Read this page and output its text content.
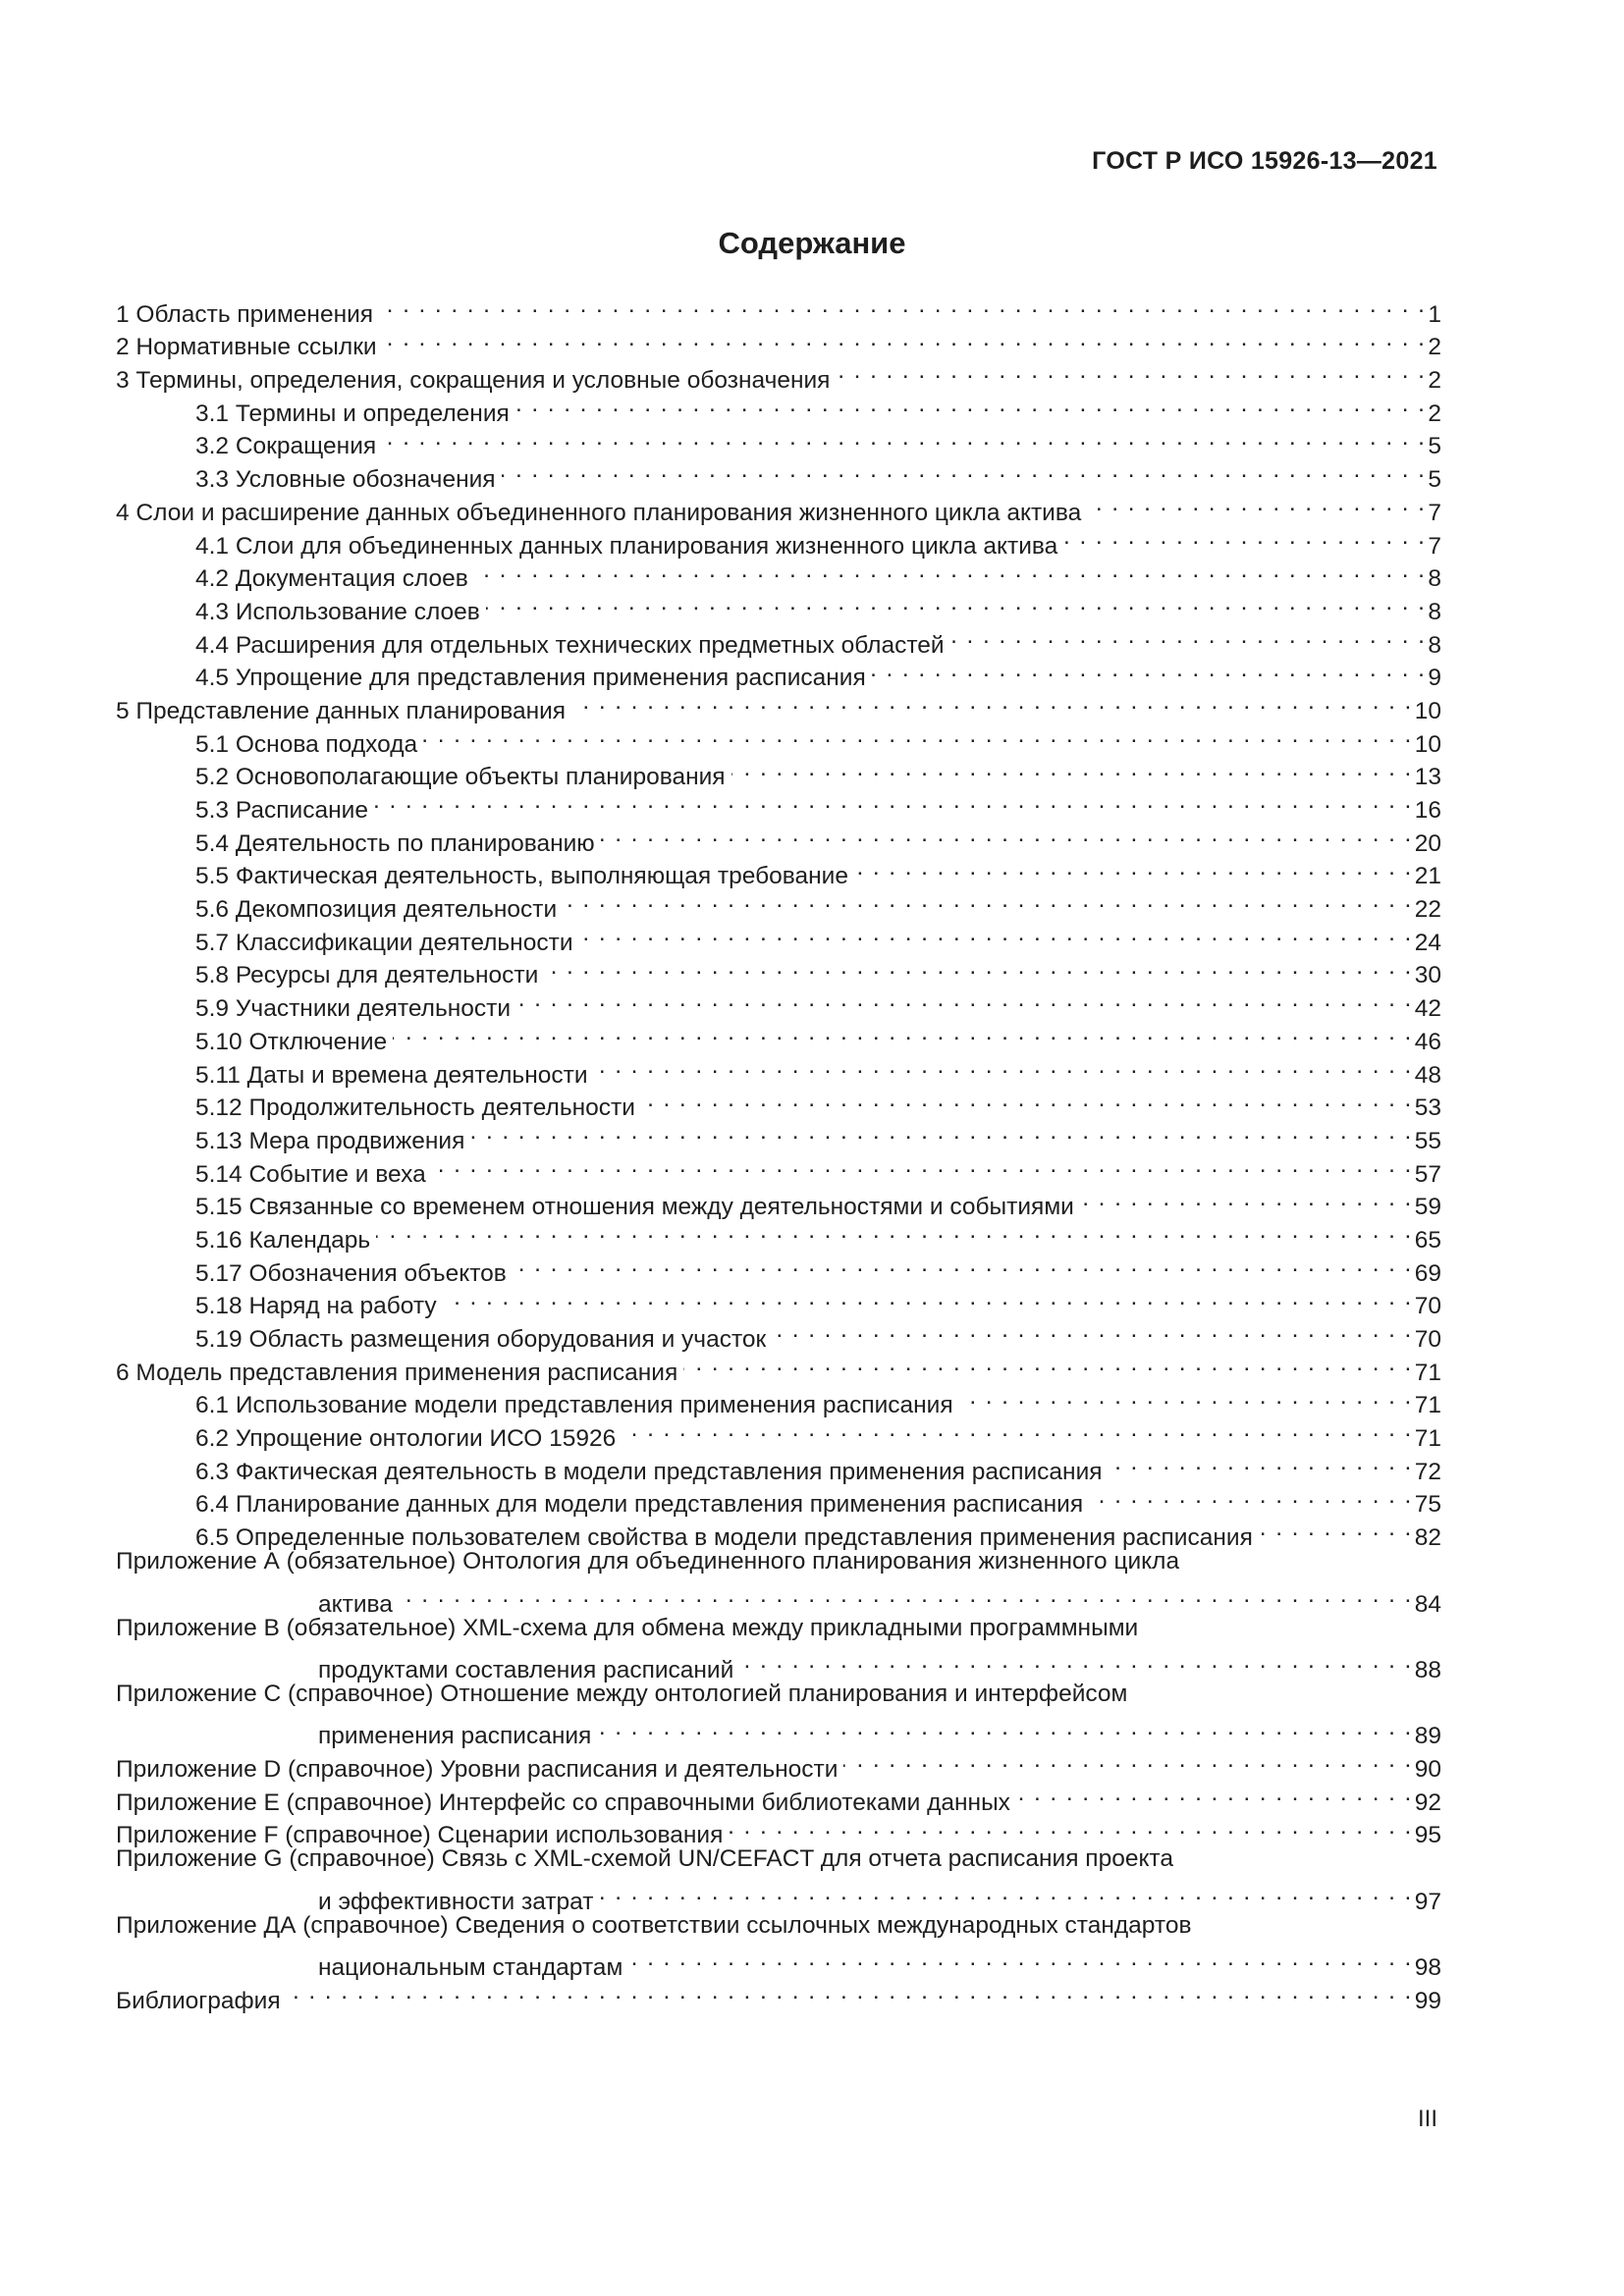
ГОСТ Р ИСО 15926-13—2021
Содержание
1 Область применения . . .	1
2 Нормативные ссылки . . .	2
3 Термины, определения, сокращения и условные обозначения . . .	2
3.1 Термины и определения . . .	2
3.2 Сокращения . . .	5
3.3 Условные обозначения . . .	5
4 Слои и расширение данных объединенного планирования жизненного цикла актива . . .	7
4.1 Слои для объединенных данных планирования жизненного цикла актива . . .	7
4.2 Документация слоев . . .	8
4.3 Использование слоев . . .	8
4.4 Расширения для отдельных технических предметных областей . . .	8
4.5 Упрощение для представления применения расписания . . .	9
5 Представление данных планирования . . .	10
5.1 Основа подхода . . .	10
5.2 Основополагающие объекты планирования . . .	13
5.3 Расписание . . .	16
5.4 Деятельность по планированию . . .	20
5.5 Фактическая деятельность, выполняющая требование . . .	21
5.6 Декомпозиция деятельности . . .	22
5.7 Классификации деятельности . . .	24
5.8 Ресурсы для деятельности . . .	30
5.9 Участники деятельности . . .	42
5.10 Отключение . . .	46
5.11 Даты и времена деятельности . . .	48
5.12 Продолжительность деятельности . . .	53
5.13 Мера продвижения . . .	55
5.14 Событие и веха . . .	57
5.15 Связанные со временем отношения между деятельностями и событиями . . .	59
5.16 Календарь . . .	65
5.17 Обозначения объектов . . .	69
5.18 Наряд на работу . . .	70
5.19 Область размещения оборудования и участок . . .	70
6 Модель представления применения расписания . . .	71
6.1 Использование модели представления применения расписания . . .	71
6.2 Упрощение онтологии ИСО 15926 . . .	71
6.3 Фактическая деятельность в модели представления применения расписания . . .	72
6.4 Планирование данных для модели представления применения расписания . . .	75
6.5 Определенные пользователем свойства в модели представления применения расписания . . .	82
Приложение А (обязательное) Онтология для объединенного планирования жизненного цикла
актива . . .	84
Приложение В (обязательное) XML-схема для обмена между прикладными программными
продуктами составления расписаний . . .	88
Приложение С (справочное) Отношение между онтологией планирования и интерфейсом
применения расписания . . .	89
Приложение D (справочное) Уровни расписания и деятельности . . .	90
Приложение Е (справочное) Интерфейс со справочными библиотеками данных . . .	92
Приложение F (справочное) Сценарии использования . . .	95
Приложение G (справочное) Связь с XML-схемой UN/CEFACT для отчета расписания проекта
и эффективности затрат . . .	97
Приложение ДА (справочное) Сведения о соответствии ссылочных международных стандартов
национальным стандартам . . .	98
Библиография . . .	99
III
